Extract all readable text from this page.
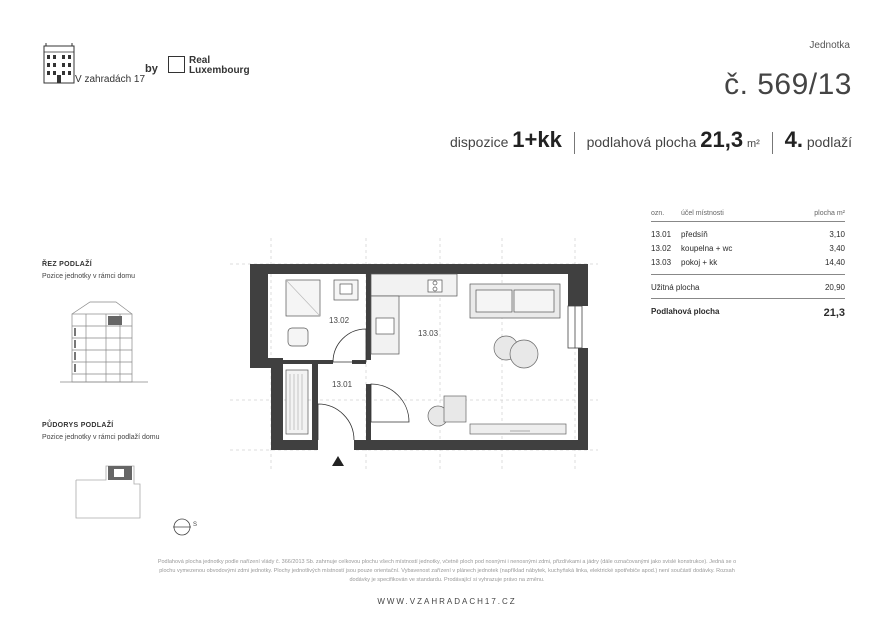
V zahradách 17
by
Real
Luxembourg
Jednotka
č. 569/13
dispozice 1+kk podlahová plocha 21,3 m² 4. podlaží
ŘEZ PODLAŽÍ
Pozice jednotky v rámci domu
PŮDORYS PODLAŽÍ
Pozice jednotky v rámci podlaží domu
S
13.02
13.01
13.03
ozn.	účel místnosti	plocha m²
13.01	předsíň	3,10
13.02	koupelna + wc	3,40
13.03	pokoj + kk	14,40
Užitná plocha	20,90
Podlahová plocha	21,3
Podlahová plocha jednotky podle nařízení vlády č. 366/2013 Sb. zahrnuje celkovou plochu všech místností jednotky, včetně ploch pod nosnými i nenosnými zdmi, přizdívkami a jádry (dále označovanými jako svislé konstrukce). Jedná se o
plochu vymezenou obvodovými zdmi jednotky. Plochy jednotlivých místností jsou pouze orientační. Vybavenost zařízení v plánech jednotek (například nábytek, kuchyňská linka, elektrické spotřebiče apod.) není součástí dodávky. Rozsah
dodávky je specifikován ve standardu. Prodávající si vyhrazuje právo na změnu.
WWW.VZAHRADACH17.CZ
